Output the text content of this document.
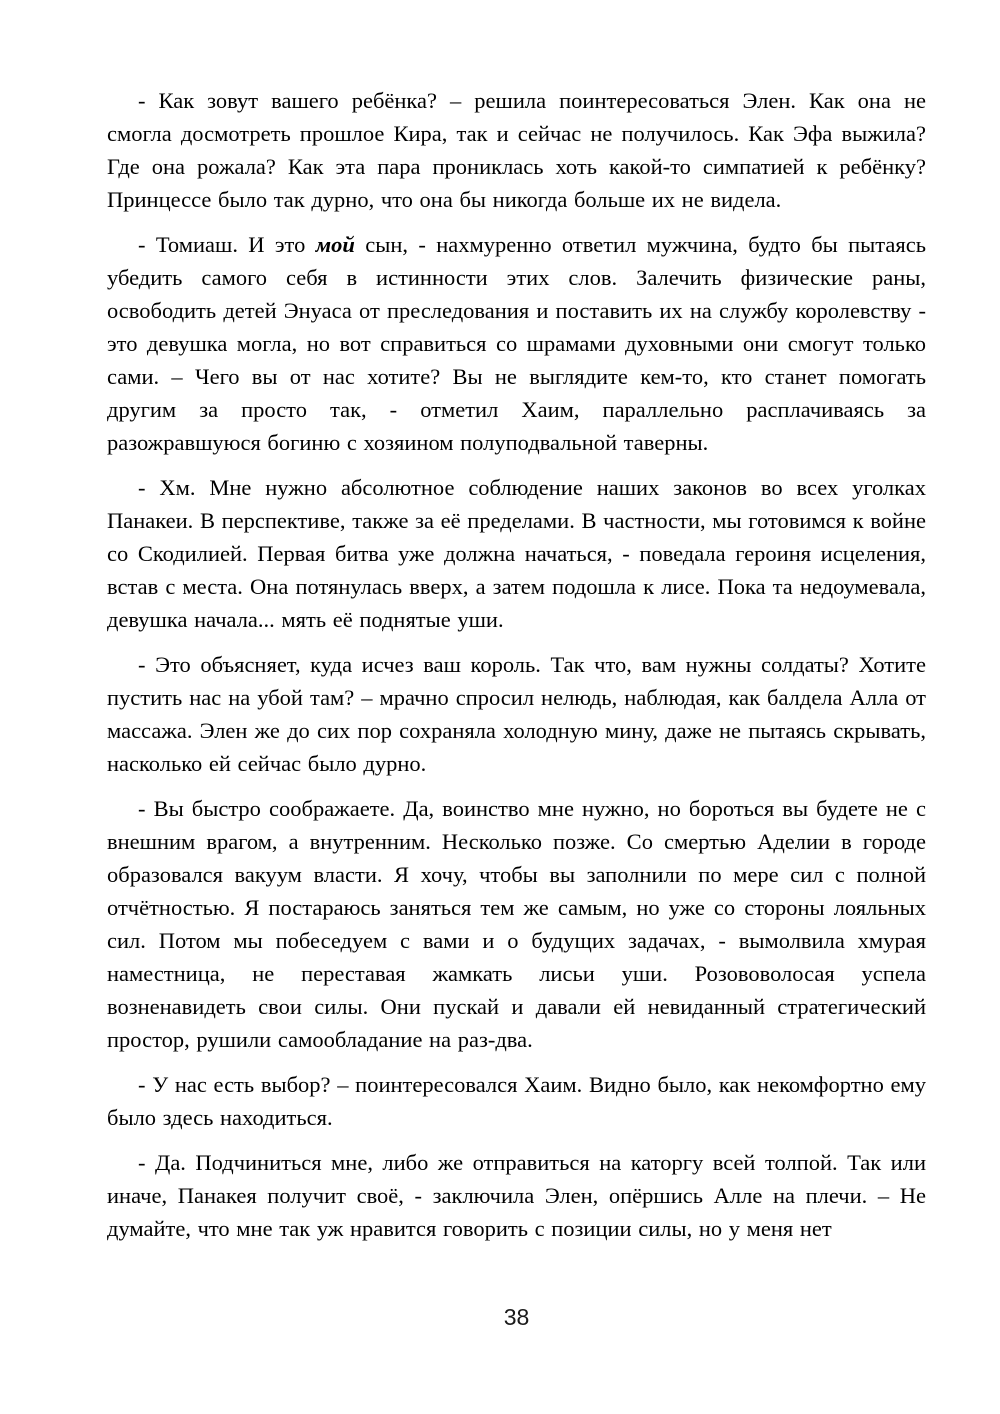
- Как зовут вашего ребёнка? – решила поинтересоваться Элен. Как она не смогла досмотреть прошлое Кира, так и сейчас не получилось. Как Эфа выжила? Где она рожала? Как эта пара прониклась хоть какой-то симпатией к ребёнку? Принцессе было так дурно, что она бы никогда больше их не видела.

- Томиаш. И это мой сын, - нахмуренно ответил мужчина, будто бы пытаясь убедить самого себя в истинности этих слов. Залечить физические раны, освободить детей Энуаса от преследования и поставить их на службу королевству - это девушка могла, но вот справиться со шрамами духовными они смогут только сами. – Чего вы от нас хотите? Вы не выглядите кем-то, кто станет помогать другим за просто так, - отметил Хаим, параллельно расплачиваясь за разожравшуюся богиню с хозяином полуподвальной таверны.

- Хм. Мне нужно абсолютное соблюдение наших законов во всех уголках Панакеи. В перспективе, также за её пределами. В частности, мы готовимся к войне со Скодилией. Первая битва уже должна начаться, - поведала героиня исцеления, встав с места. Она потянулась вверх, а затем подошла к лисе. Пока та недоумевала, девушка начала... мять её поднятые уши.

- Это объясняет, куда исчез ваш король. Так что, вам нужны солдаты? Хотите пустить нас на убой там? – мрачно спросил нелюдь, наблюдая, как балдела Алла от массажа. Элен же до сих пор сохраняла холодную мину, даже не пытаясь скрывать, насколько ей сейчас было дурно.

- Вы быстро соображаете. Да, воинство мне нужно, но бороться вы будете не с внешним врагом, а внутренним. Несколько позже. Со смертью Аделии в городе образовался вакуум власти. Я хочу, чтобы вы заполнили по мере сил с полной отчётностью. Я постараюсь заняться тем же самым, но уже со стороны лояльных сил. Потом мы побеседуем с вами и о будущих задачах, - вымолвила хмурая наместница, не переставая жамкать лисьи уши. Розововолосая успела возненавидеть свои силы. Они пускай и давали ей невиданный стратегический простор, рушили самообладание на раз-два.

- У нас есть выбор? – поинтересовался Хаим. Видно было, как некомфортно ему было здесь находиться.

- Да. Подчиниться мне, либо же отправиться на каторгу всей толпой. Так или иначе, Панакея получит своё, - заключила Элен, опёршись Алле на плечи. – Не думайте, что мне так уж нравится говорить с позиции силы, но у меня нет

38
